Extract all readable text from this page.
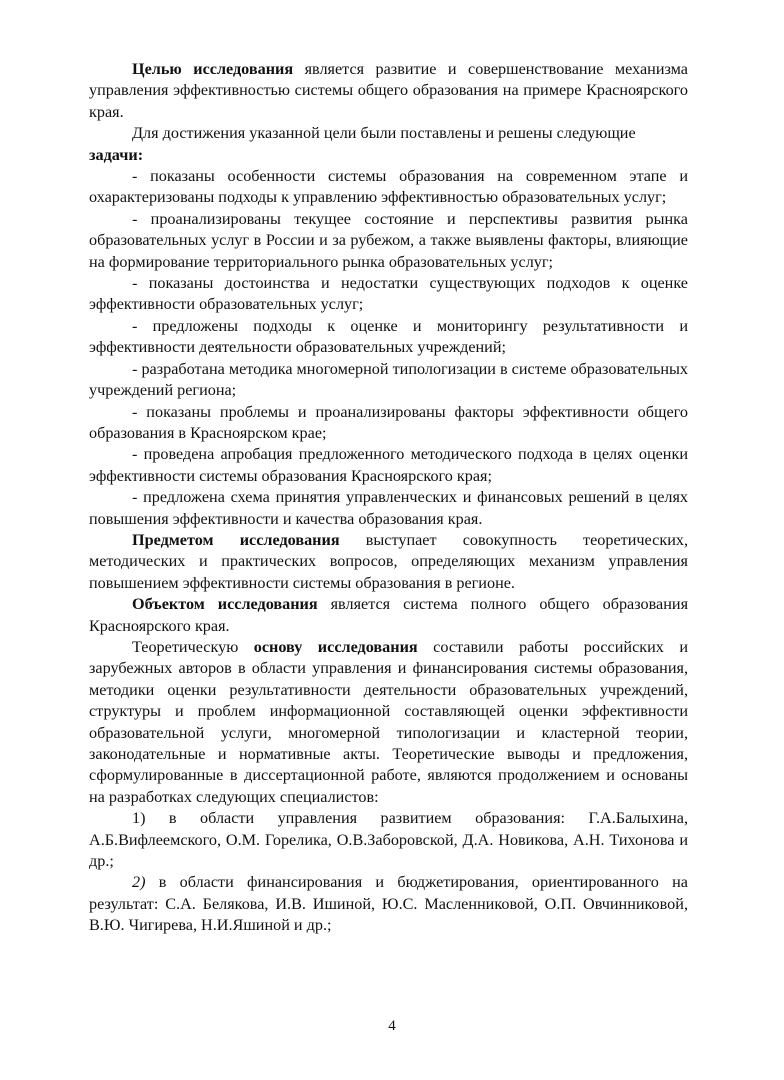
Целью исследования является развитие и совершенствование механизма управления эффективностью системы общего образования на примере Красноярского края.

Для достижения указанной цели были поставлены и решены следующие задачи:

- показаны особенности системы образования на современном этапе и охарактеризованы подходы к управлению эффективностью образовательных услуг;

- проанализированы текущее состояние и перспективы развития рынка образовательных услуг в России и за рубежом, а также выявлены факторы, влияющие на формирование территориального рынка образовательных услуг;

- показаны достоинства и недостатки существующих подходов к оценке эффективности образовательных услуг;

- предложены подходы к оценке и мониторингу результативности и эффективности деятельности образовательных учреждений;

- разработана методика многомерной типологизации в системе образовательных учреждений региона;

- показаны проблемы и проанализированы факторы эффективности общего образования в Красноярском крае;

- проведена апробация предложенного методического подхода в целях оценки эффективности системы образования Красноярского края;

- предложена схема принятия управленческих и финансовых решений в целях повышения эффективности и качества образования края.

Предметом исследования выступает совокупность теоретических, методических и практических вопросов, определяющих механизм управления повышением эффективности системы образования в регионе.

Объектом исследования является система полного общего образования Красноярского края.

Теоретическую основу исследования составили работы российских и зарубежных авторов в области управления и финансирования системы образования, методики оценки результативности деятельности образовательных учреждений, структуры и проблем информационной составляющей оценки эффективности образовательной услуги, многомерной типологизации и кластерной теории, законодательные и нормативные акты. Теоретические выводы и предложения, сформулированные в диссертационной работе, являются продолжением и основаны на разработках следующих специалистов:

1) в области управления развитием образования: Г.А.Балыхина, А.Б.Вифлеемского, О.М. Горелика, О.В.Заборовской, Д.А. Новикова, А.Н. Тихонова и др.;

2) в области финансирования и бюджетирования, ориентированного на результат: С.А. Белякова, И.В. Ишиной, Ю.С. Масленниковой, О.П. Овчинниковой, В.Ю. Чигирева, Н.И.Яшиной и др.;

4
